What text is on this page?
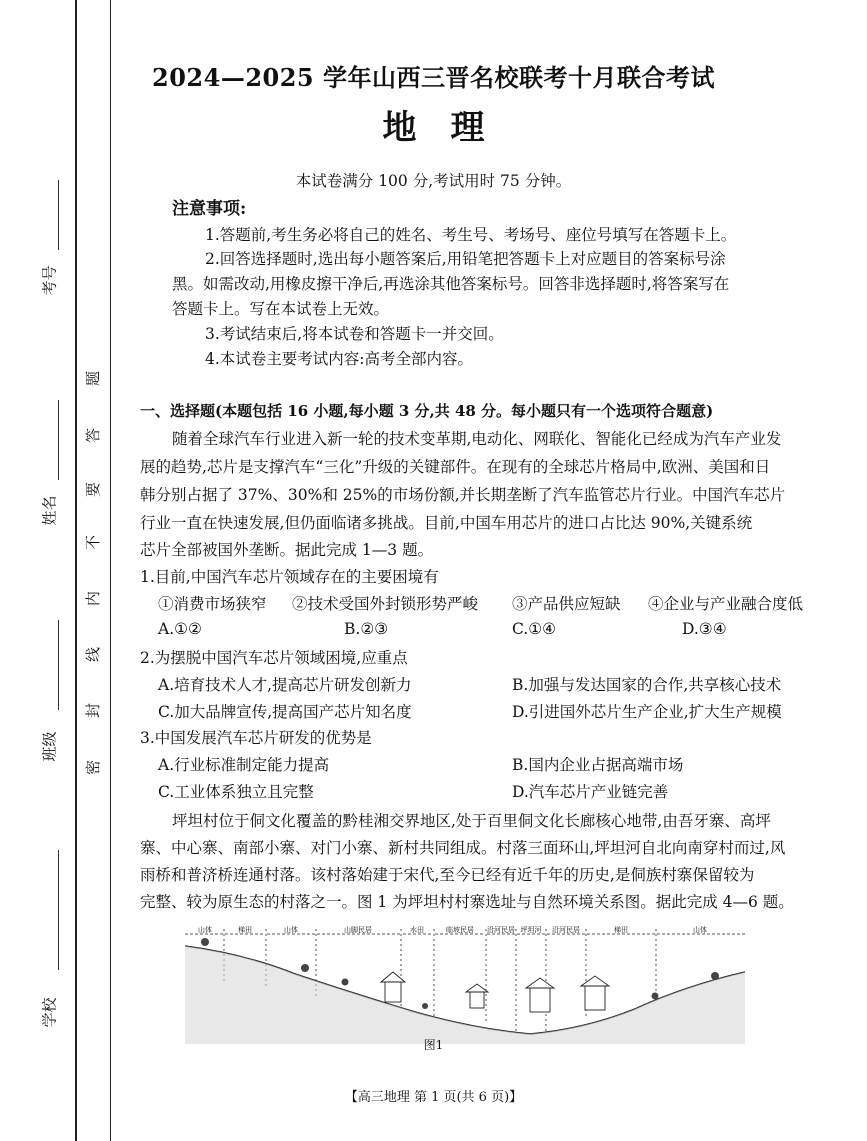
考号
姓名
班级
学校
题
答
要
不
内
线
封
密
2024—2025 学年山西三晋名校联考十月联合考试
地理
本试卷满分 100 分,考试用时 75 分钟。
注意事项:
1.答题前,考生务必将自己的姓名、考生号、考场号、座位号填写在答题卡上。
2.回答选择题时,选出每小题答案后,用铅笔把答题卡上对应题目的答案标号涂
黑。如需改动,用橡皮擦干净后,再选涂其他答案标号。回答非选择题时,将答案写在
答题卡上。写在本试卷上无效。
3.考试结束后,将本试卷和答题卡一并交回。
4.本试卷主要考试内容:高考全部内容。
一、选择题(本题包括 16 小题,每小题 3 分,共 48 分。每小题只有一个选项符合题意)
随着全球汽车行业进入新一轮的技术变革期,电动化、网联化、智能化已经成为汽车产业发
展的趋势,芯片是支撑汽车“三化”升级的关键部件。在现有的全球芯片格局中,欧洲、美国和日
韩分别占据了 37%、30%和 25%的市场份额,并长期垄断了汽车监管芯片行业。中国汽车芯片
行业一直在快速发展,但仍面临诸多挑战。目前,中国车用芯片的进口占比达 90%,关键系统
芯片全部被国外垄断。据此完成 1—3 题。
1.目前,中国汽车芯片领域存在的主要困境有
①消费市场狭窄 ②技术受国外封锁形势严峻 ③产品供应短缺 ④企业与产业融合度低
A.①②	B.②③	C.①④	D.③④
2.为摆脱中国汽车芯片领域困境,应重点
A.培育技术人才,提高芯片研发创新力	B.加强与发达国家的合作,共享核心技术
C.加大品牌宣传,提高国产芯片知名度	D.引进国外芯片生产企业,扩大生产规模
3.中国发展汽车芯片研发的优势是
A.行业标准制定能力提高	B.国内企业占据高端市场
C.工业体系独立且完整	D.汽车芯片产业链完善
坪坦村位于侗文化覆盖的黔桂湘交界地区,处于百里侗文化长廊核心地带,由吾牙寨、高坪
寨、中心寨、南部小寨、对门小寨、新村共同组成。村落三面环山,坪坦河自北向南穿村而过,风
雨桥和普济桥连通村落。该村落始建于宋代,至今已经有近千年的历史,是侗族村寨保留较为
完整、较为原生态的村落之一。图 1 为坪坦村村寨选址与自然环境关系图。据此完成 4—6 题。
山体	梯田	山体	山脚民居	水田	临坡民居 沿河民居 坪坦河 沿河民居	梯田	山体
图1
【高三地理 第 1 页(共 6 页)】
